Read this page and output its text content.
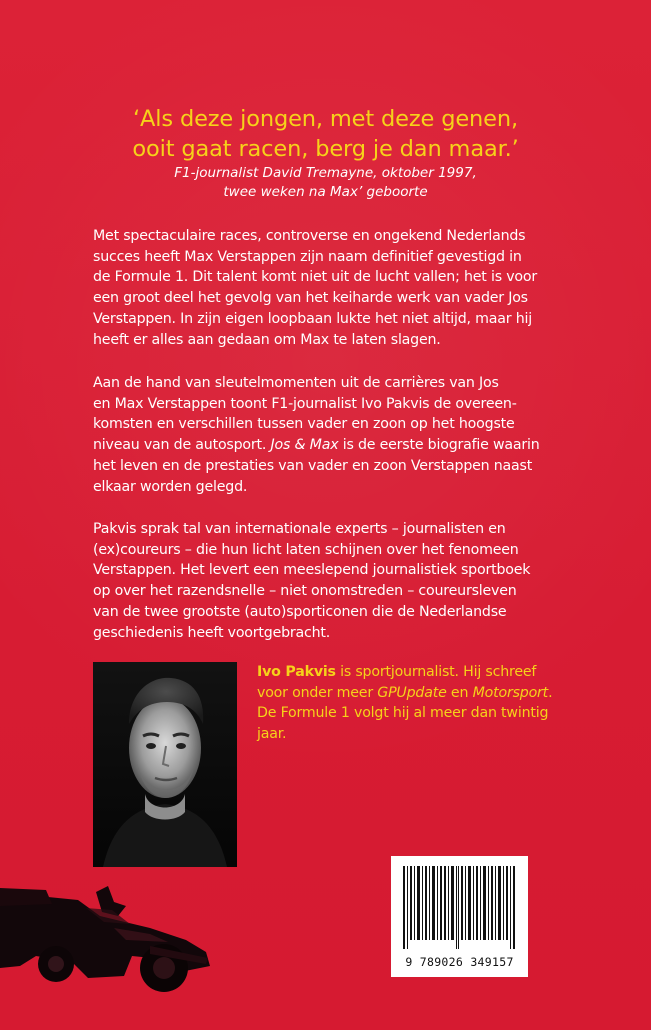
‘Als deze jongen, met deze genen,
ooit gaat racen, berg je dan maar.’
F1-journalist David Tremayne, oktober 1997,
twee weken na Max’ geboorte
Met spectaculaire races, controverse en ongekend Nederlands
succes heeft Max Verstappen zijn naam definitief gevestigd in
de Formule 1. Dit talent komt niet uit de lucht vallen; het is voor
een groot deel het gevolg van het keiharde werk van vader Jos
Verstappen. In zijn eigen loopbaan lukte het niet altijd, maar hij
heeft er alles aan gedaan om Max te laten slagen.
Aan de hand van sleutelmomenten uit de carrières van Jos
en Max Verstappen toont F1-journalist Ivo Pakvis de overeen-
komsten en verschillen tussen vader en zoon op het hoogste
niveau van de autosport. Jos & Max is de eerste biografie waarin
het leven en de prestaties van vader en zoon Verstappen naast
elkaar worden gelegd.
Pakvis sprak tal van internationale experts – journalisten en
(ex)coureurs – die hun licht laten schijnen over het fenomeen
Verstappen. Het levert een meeslepend journalistiek sportboek
op over het razendsnelle – niet onomstreden – coureursleven
van de twee grootste (auto)sporticonen die de Nederlandse
geschiedenis heeft voortgebracht.
Ivo Pakvis is sportjournalist. Hij schreef
voor onder meer GPUpdate en Motorsport.
De Formule 1 volgt hij al meer dan twintig
jaar.
9 789026 349157
